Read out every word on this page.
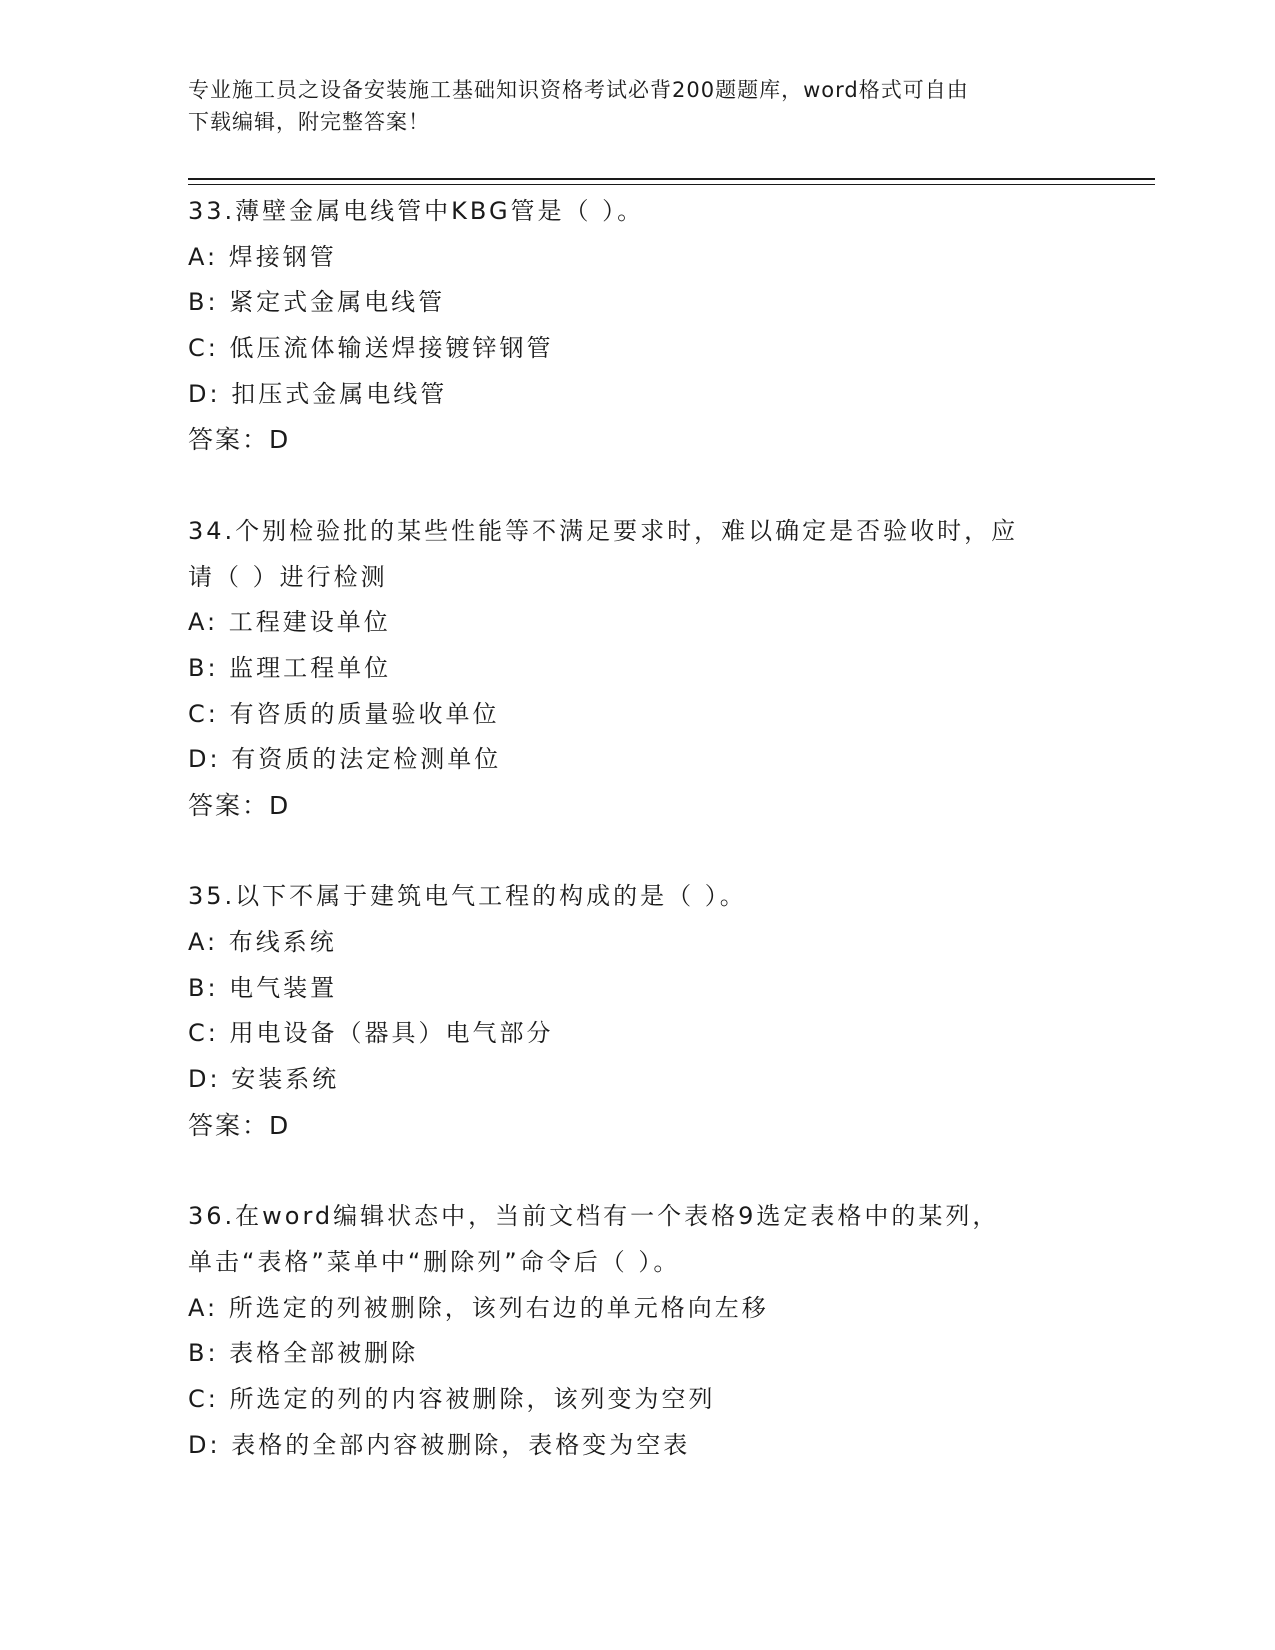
专业施工员之设备安装施工基础知识资格考试必背200题题库，word格式可自由
下载编辑，附完整答案！
33.薄壁金属电线管中KBG管是（ ）。
A: 焊接钢管
B: 紧定式金属电线管
C: 低压流体输送焊接镀锌钢管
D: 扣压式金属电线管
答案：D
34.个别检验批的某些性能等不满足要求时，难以确定是否验收时，应
请（ ）进行检测
A: 工程建设单位
B: 监理工程单位
C: 有咨质的质量验收单位
D: 有资质的法定检测单位
答案：D
35.以下不属于建筑电气工程的构成的是（ ）。
A: 布线系统
B: 电气装置
C: 用电设备（器具）电气部分
D: 安装系统
答案：D
36.在word编辑状态中，当前文档有一个表格9选定表格中的某列，
单击“表格”菜单中“删除列”命令后（ ）。
A: 所选定的列被删除，该列右边的单元格向左移
B: 表格全部被删除
C: 所选定的列的内容被删除，该列变为空列
D: 表格的全部内容被删除，表格变为空表
